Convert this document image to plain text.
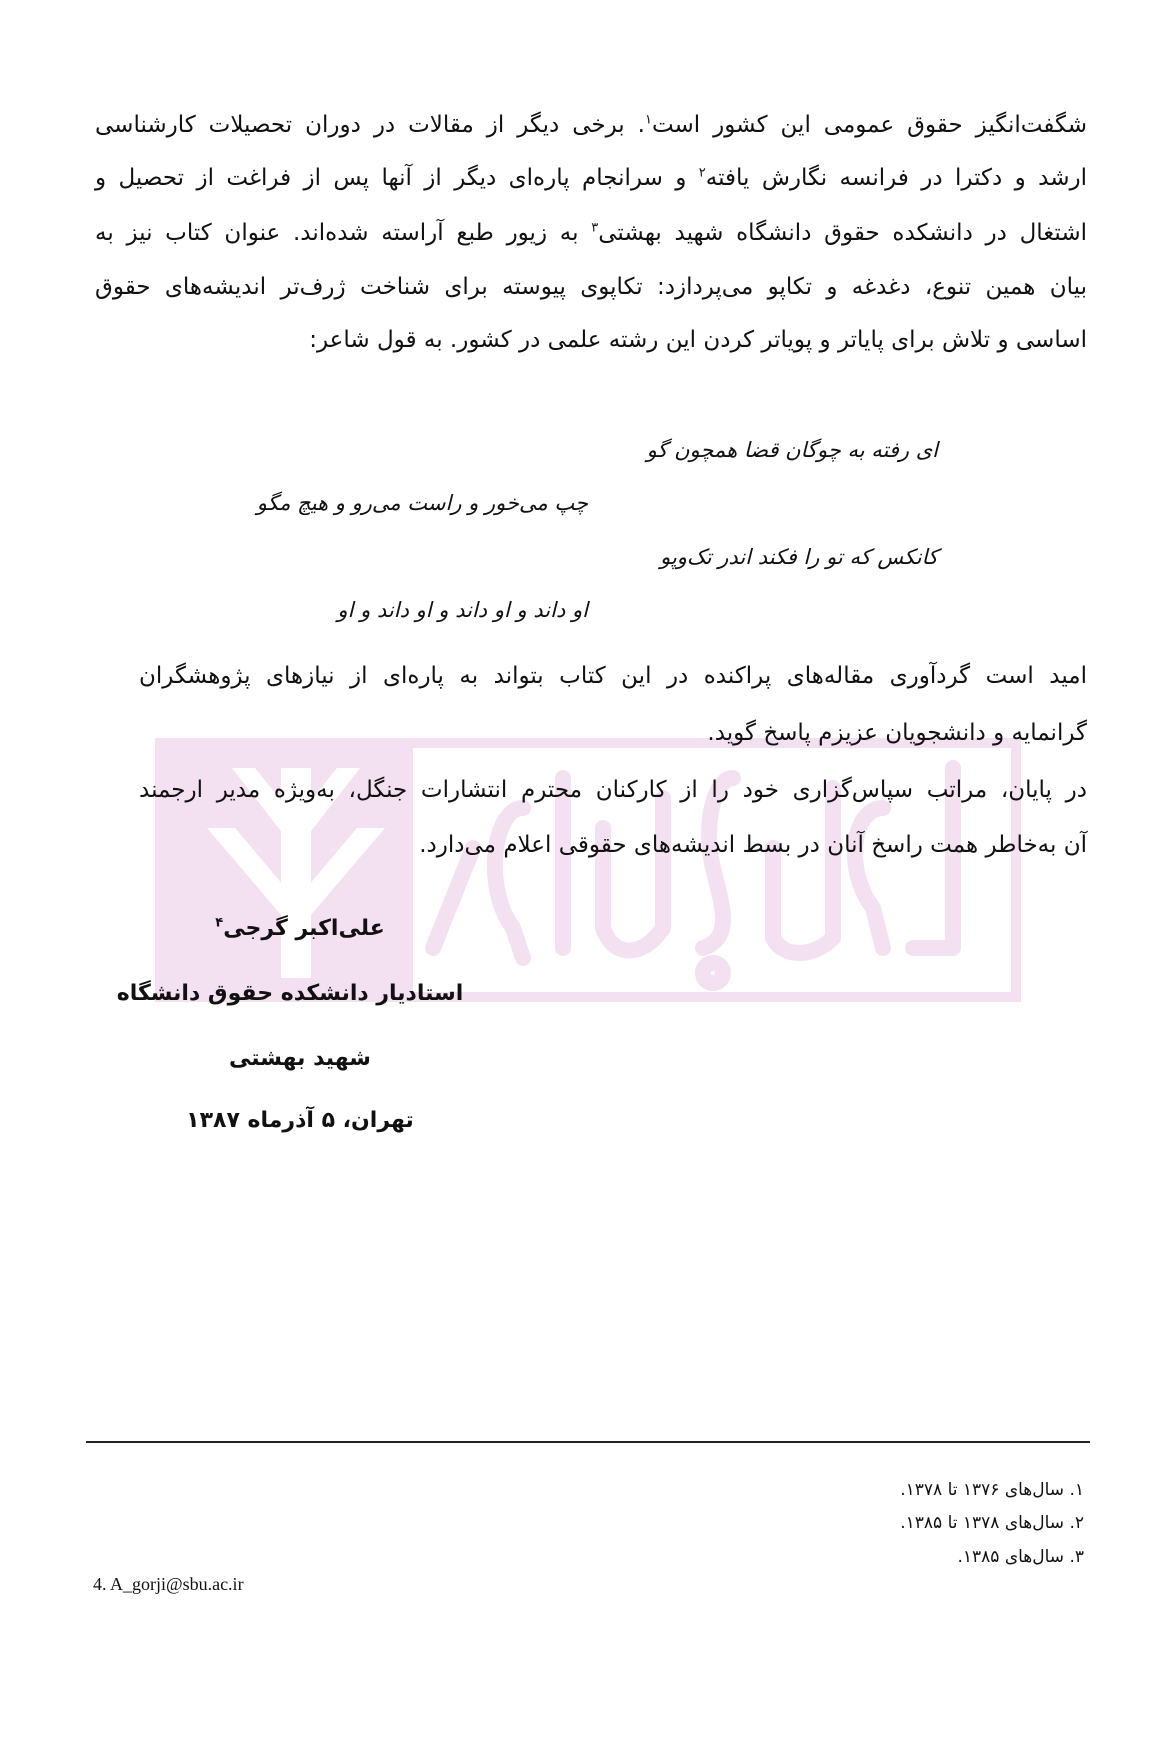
شگفت‌انگیز حقوق عمومی این کشور است$^۱$. برخی دیگر از مقالات در دوران تحصیلات کارشناسی
ارشد و دکترا در فرانسه نگارش یافته$^۲$ و سرانجام پاره‌ای دیگر از آنها پس از فراغت از تحصیل و
اشتغال در دانشکده حقوق دانشگاه شهید بهشتی$^۳$ به زیور طبع آراسته شده‌اند. عنوان کتاب نیز به
بیان همین تنوع، دغدغه و تکاپو می‌پردازد: تکاپوی پیوسته برای شناخت ژرف‌تر اندیشه‌های حقوق
اساسی و تلاش برای پایاتر و پویاتر کردن این رشته علمی در کشور. به قول شاعر:
ای رفته به چوگان قضا همچون گو
چپ می‌خور و راست می‌رو و هیچ مگو
کانکس که تو را فکند اندر تک‌وپو
او داند و او داند و او داند و او
امید است گردآوری مقاله‌های پراکنده در این کتاب بتواند به پاره‌ای از نیازهای پژوهشگران
گرانمایه و دانشجویان عزیزم پاسخ گوید.
در پایان، مراتب سپاس‌گزاری خود را از کارکنان محترم انتشارات جنگل، به‌ویژه مدیر ارجمند
آن به‌خاطر همت راسخ آنان در بسط اندیشه‌های حقوقی اعلام می‌دارد.
علی‌اکبر گرجی$^۴$
استادیار دانشکده حقوق دانشگاه
شهید بهشتی
تهران، ۵ آذرماه ۱۳۸۷
۱. سال‌های ۱۳۷۶ تا ۱۳۷۸.
۲. سال‌های ۱۳۷۸ تا ۱۳۸۵.
۳. سال‌های ۱۳۸۵.
4. A_gorji@sbu.ac.ir
